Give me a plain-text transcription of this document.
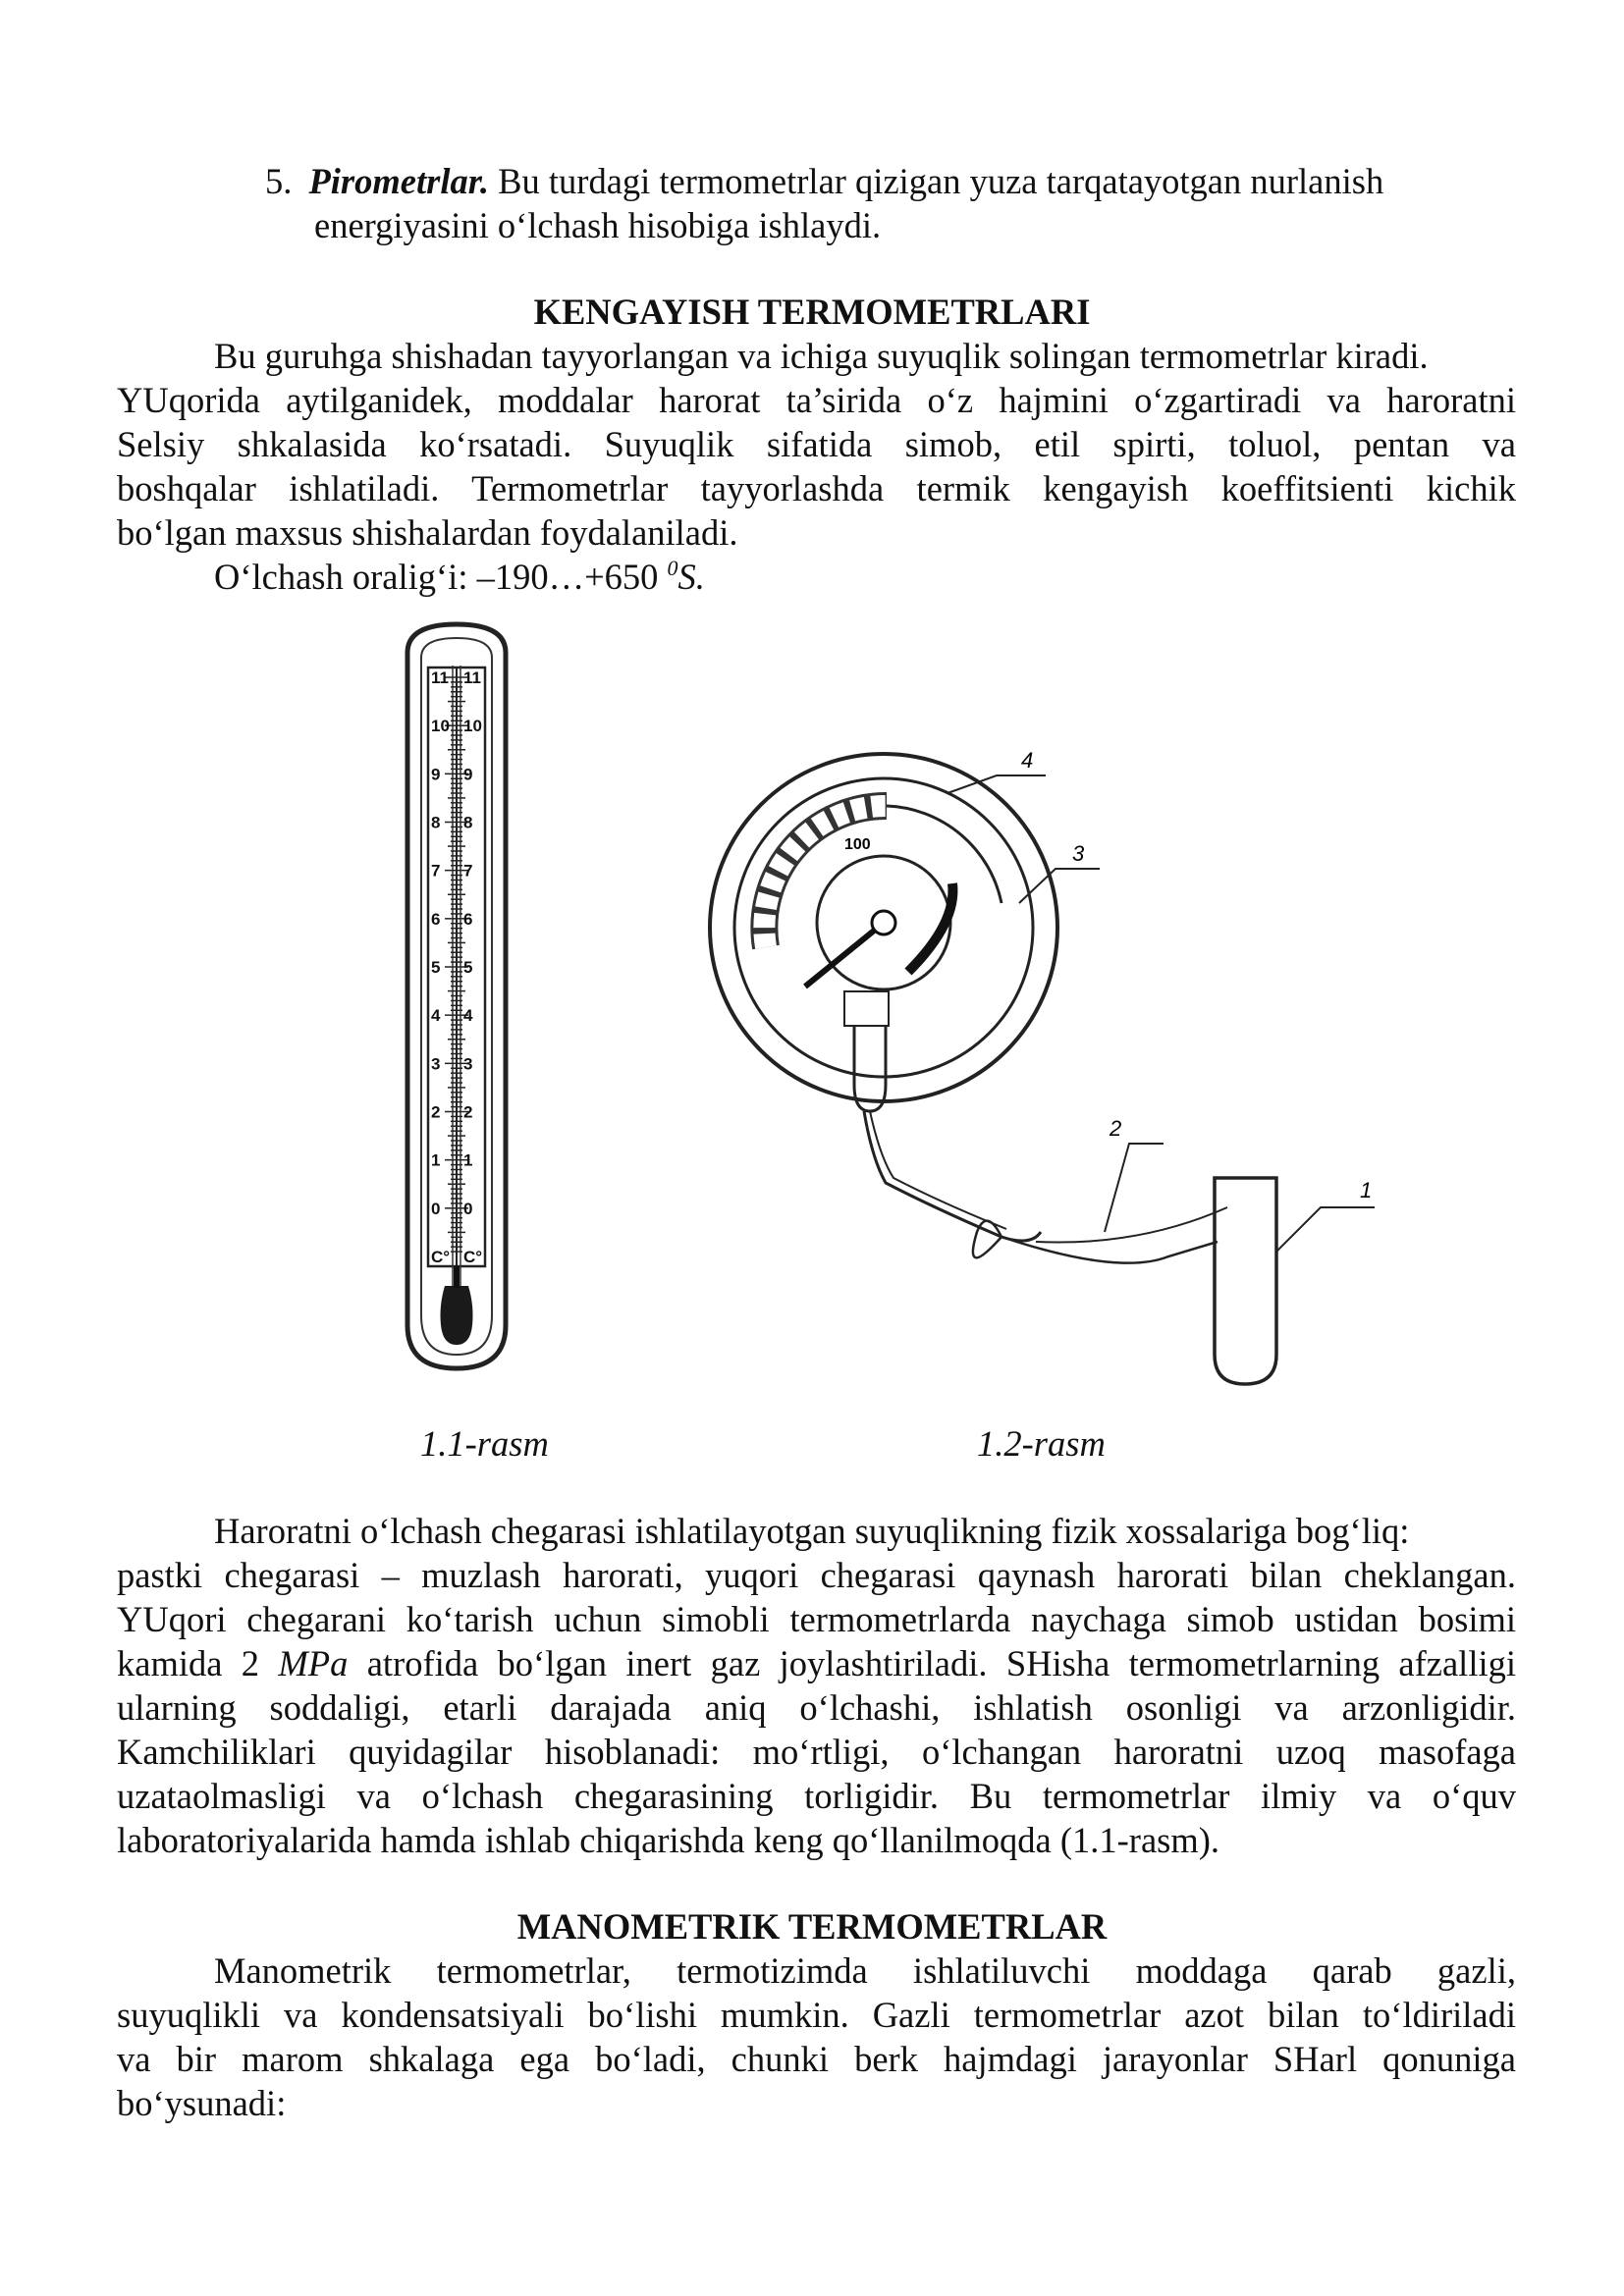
5. Pirometrlar. Bu turdagi termometrlar qizigan yuza tarqatayotgan nurlanish
energiyasini o‘lchash hisobiga ishlaydi.
KENGAYISH TERMOMETRLARI
Bu guruhga shishadan tayyorlangan va ichiga suyuqlik solingan termometrlar kiradi.
YUqorida aytilganidek, moddalar harorat ta’sirida o‘z hajmini o‘zgartiradi va haroratni
Selsiy shkalasida ko‘rsatadi. Suyuqlik sifatida simob, etil spirti, toluol, pentan va
boshqalar ishlatiladi. Termometrlar tayyorlashda termik kengayish koeffitsienti kichik
bo‘lgan maxsus shishalardan foydalaniladi.
O‘lchash oralig‘i: –190…+650 $^0$S.
11 11
10 10
9 9
8 8
7 7
6 6
5 5
4 4
3 3
2 2
1 1
0 0
C° C°
4
3
2
1
100
1.1-rasm	1.2-rasm
Haroratni o‘lchash chegarasi ishlatilayotgan suyuqlikning fizik xossalariga bog‘liq:
pastki chegarasi – muzlash harorati, yuqori chegarasi qaynash harorati bilan cheklangan.
YUqori chegarani ko‘tarish uchun simobli termometrlarda naychaga simob ustidan bosimi
kamida 2 MPa atrofida bo‘lgan inert gaz joylashtiriladi. SHisha termometrlarning afzalligi
ularning soddaligi, etarli darajada aniq o‘lchashi, ishlatish osonligi va arzonligidir.
Kamchiliklari quyidagilar hisoblanadi: mo‘rtligi, o‘lchangan haroratni uzoq masofaga
uzataolmasligi va o‘lchash chegarasining torligidir. Bu termometrlar ilmiy va o‘quv
laboratoriyalarida hamda ishlab chiqarishda keng qo‘llanilmoqda (1.1-rasm).
MANOMETRIK TERMOMETRLAR
Manometrik termometrlar, termotizimda ishlatiluvchi moddaga qarab gazli,
suyuqlikli va kondensatsiyali bo‘lishi mumkin. Gazli termometrlar azot bilan to‘ldiriladi
va bir marom shkalaga ega bo‘ladi, chunki berk hajmdagi jarayonlar SHarl qonuniga
bo‘ysunadi:
